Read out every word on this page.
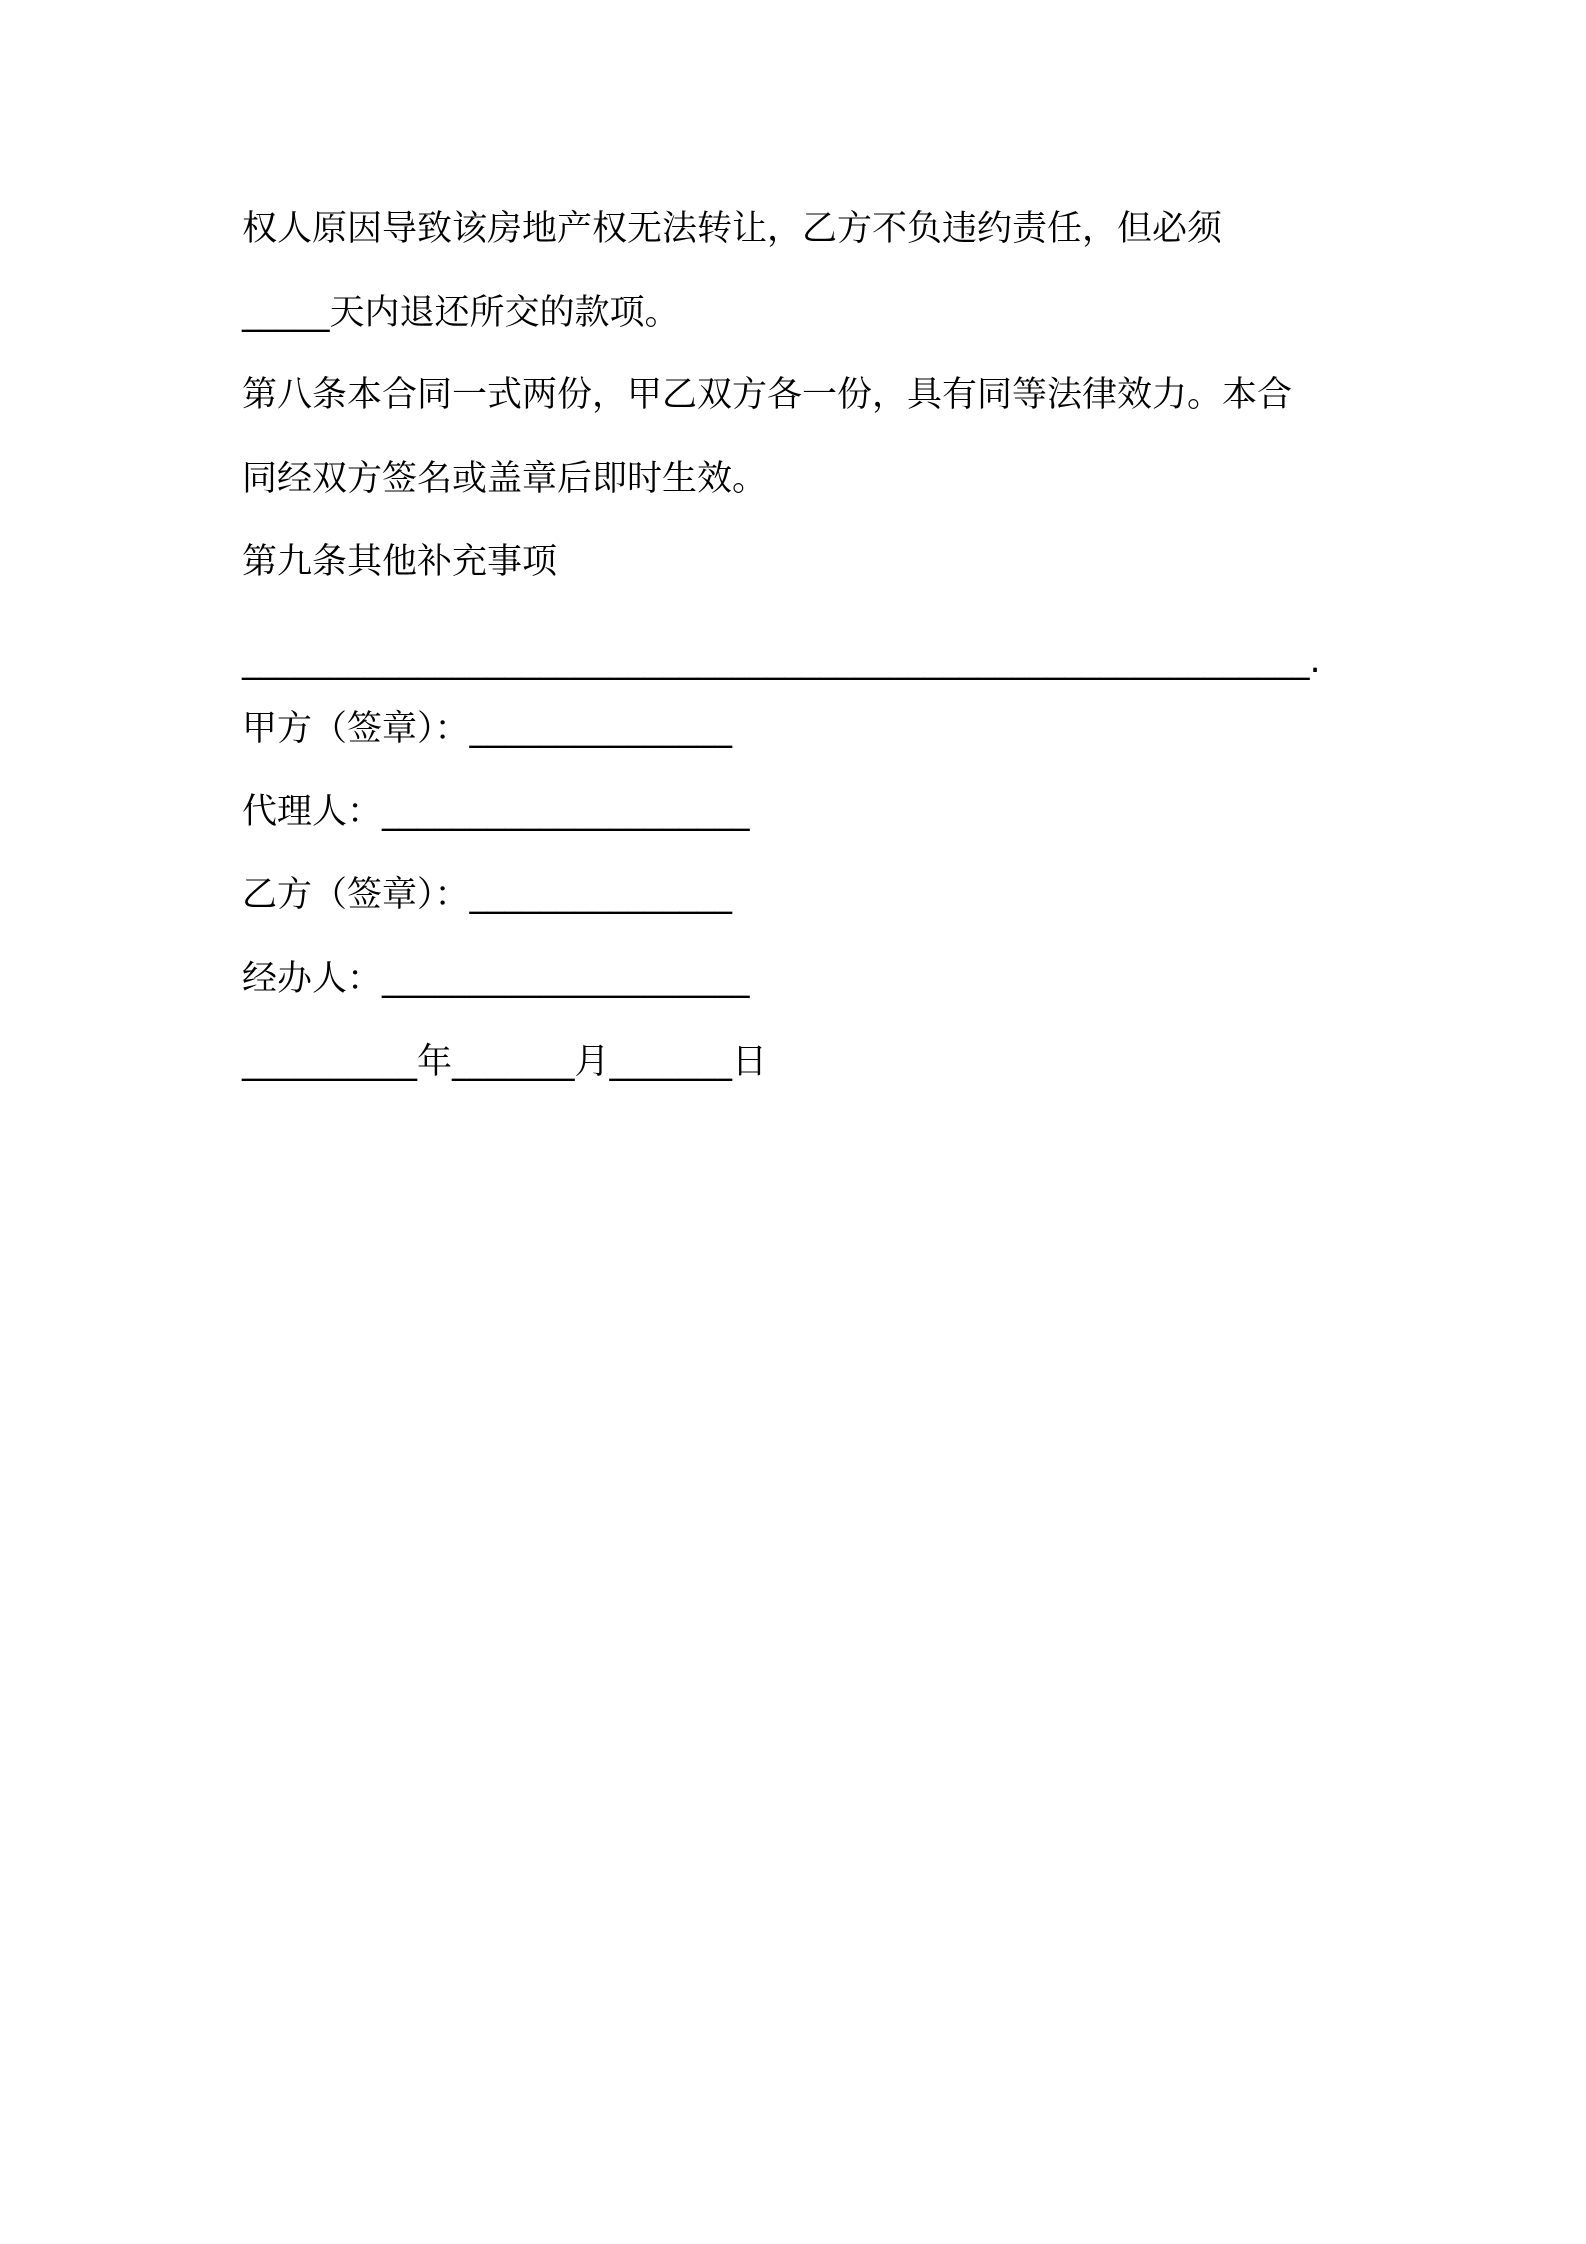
权人原因导致该房地产权无法转让，乙方不负违约责任，但必须
_____天内退还所交的款项。
第八条本合同一式两份，甲乙双方各一份，具有同等法律效力。本合
同经双方签名或盖章后即时生效。
第九条其他补充事项
_____________________________________________________________.
甲方（签章）：_______________
代理人：_____________________
乙方（签章）：_______________
经办人：_____________________
__________年_______月_______日
